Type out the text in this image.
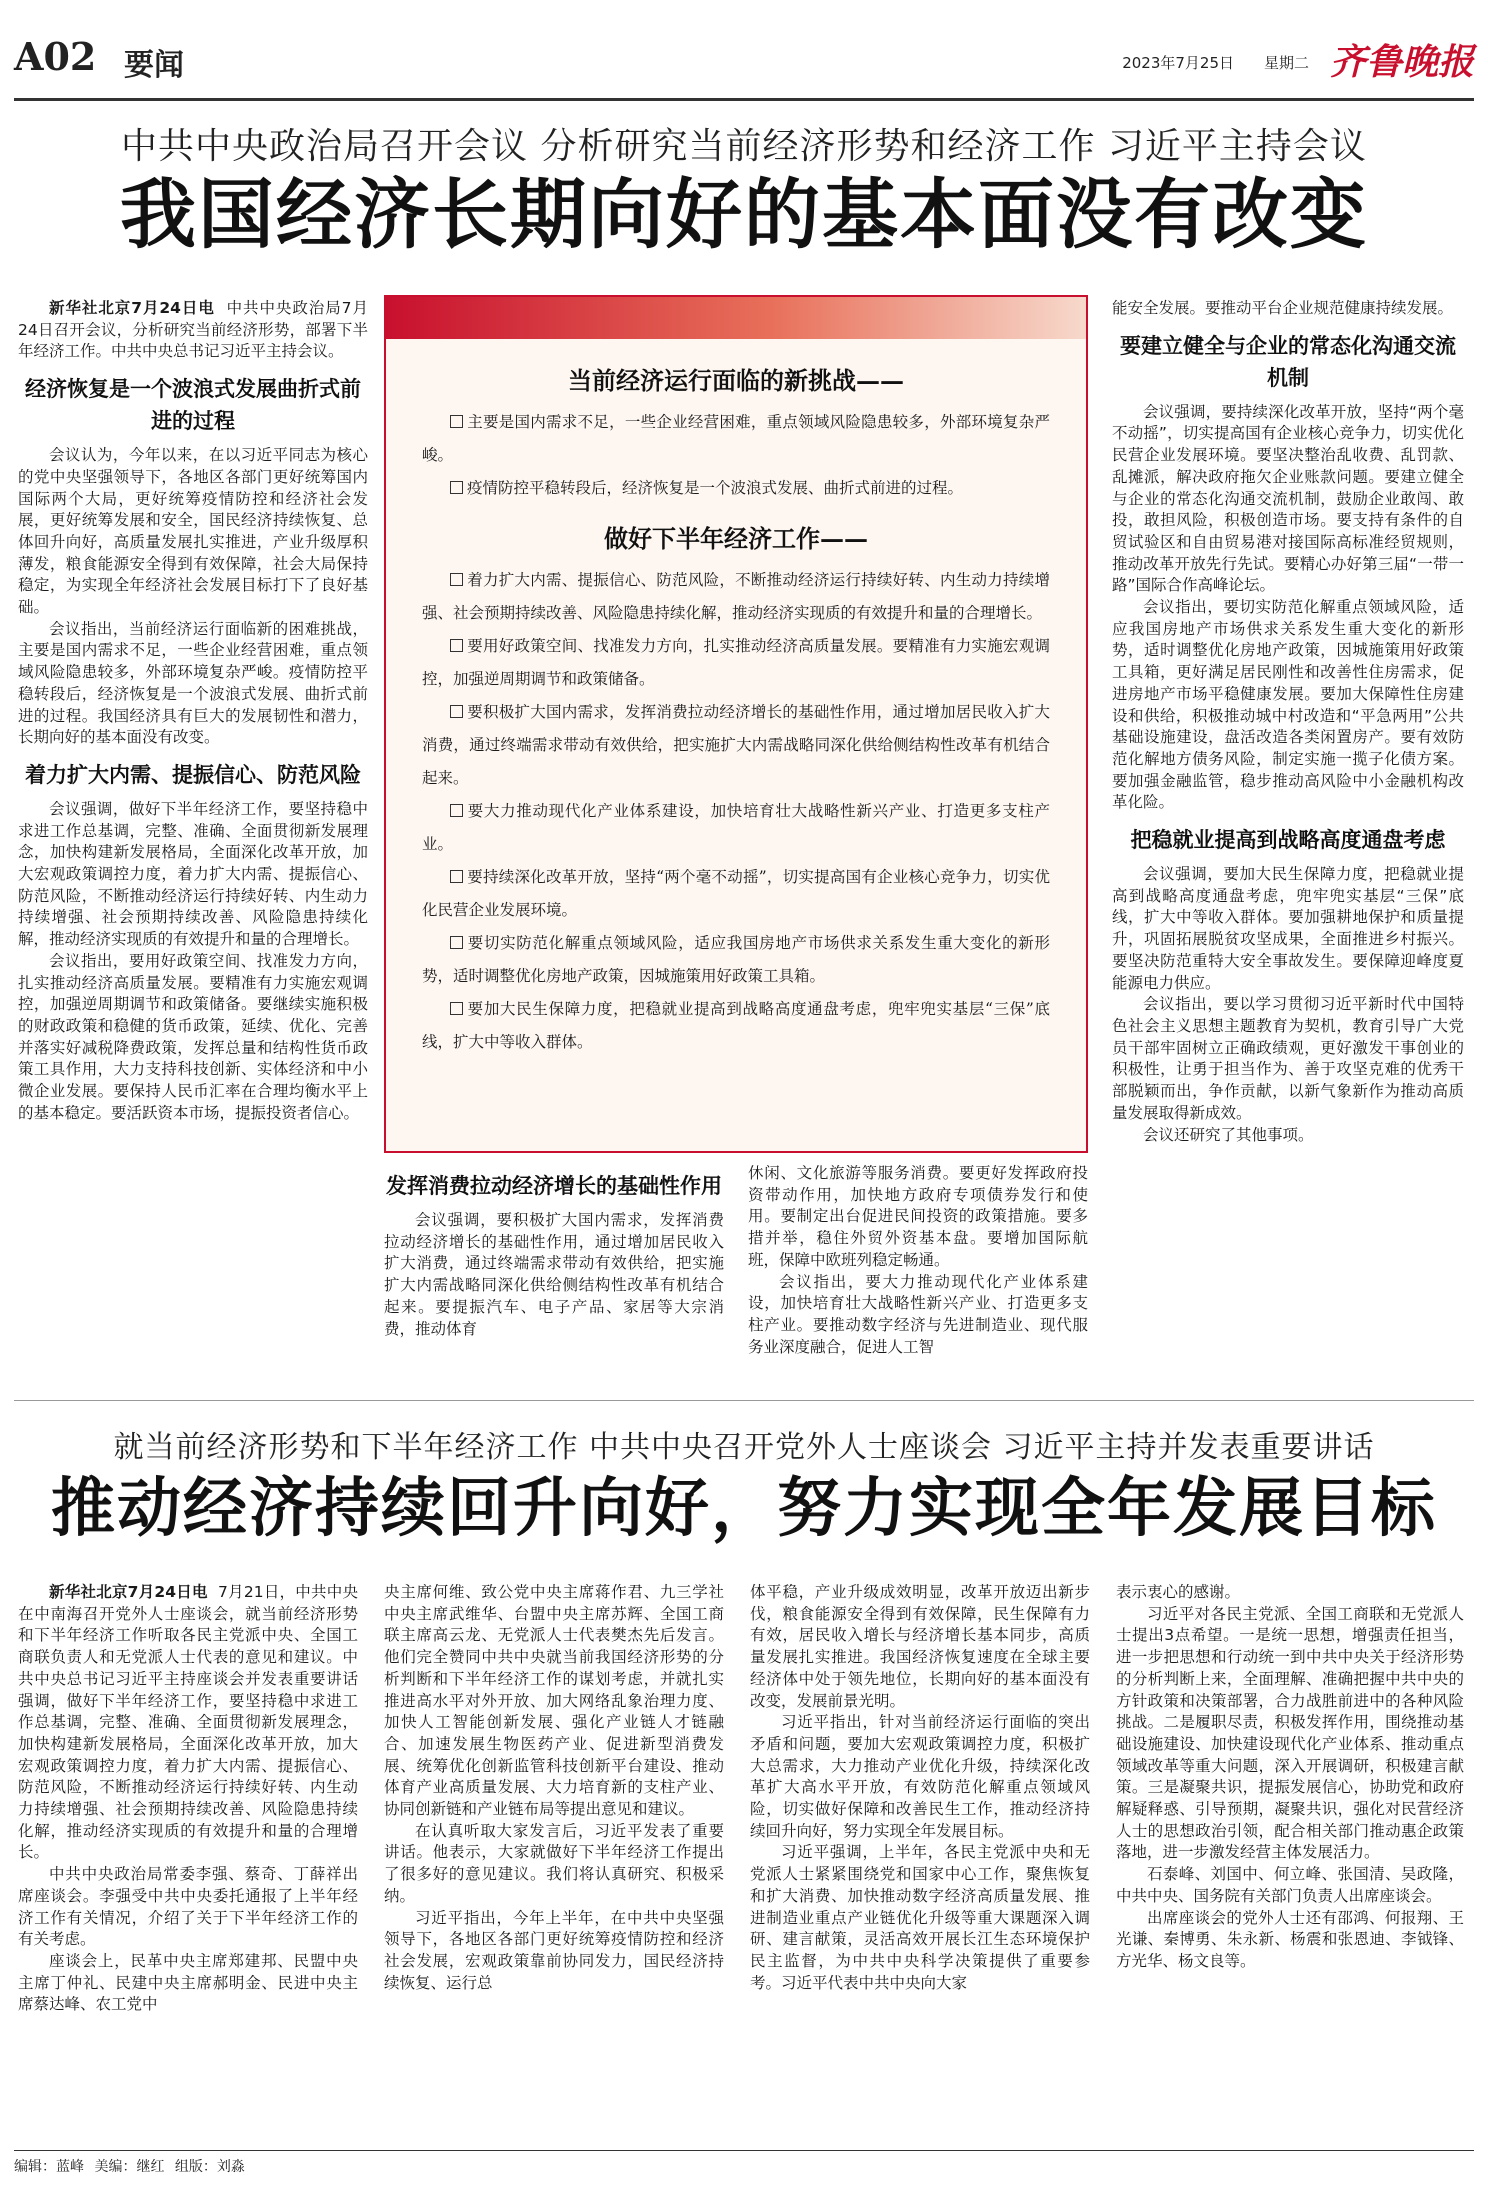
A02 要闻	2023年7月25日 星期二 齐鲁晚报
中共中央政治局召开会议 分析研究当前经济形势和经济工作 习近平主持会议
我国经济长期向好的基本面没有改变

新华社北京7月24日电 中共中央政治局7月24日召开会议，分析研究当前经济形势，部署下半年经济工作。中共中央总书记习近平主持会议。

经济恢复是一个波浪式发展曲折式前进的过程

会议认为，今年以来，在以习近平同志为核心的党中央坚强领导下，各地区各部门更好统筹国内国际两个大局，更好统筹疫情防控和经济社会发展，更好统筹发展和安全，国民经济持续恢复、总体回升向好，高质量发展扎实推进，产业升级厚积薄发，粮食能源安全得到有效保障，社会大局保持稳定，为实现全年经济社会发展目标打下了良好基础。

会议指出，当前经济运行面临新的困难挑战，主要是国内需求不足，一些企业经营困难，重点领域风险隐患较多，外部环境复杂严峻。疫情防控平稳转段后，经济恢复是一个波浪式发展、曲折式前进的过程。我国经济具有巨大的发展韧性和潜力，长期向好的基本面没有改变。

着力扩大内需、提振信心、防范风险

会议强调，做好下半年经济工作，要坚持稳中求进工作总基调，完整、准确、全面贯彻新发展理念，加快构建新发展格局，全面深化改革开放，加大宏观政策调控力度，着力扩大内需、提振信心、防范风险，不断推动经济运行持续好转、内生动力持续增强、社会预期持续改善、风险隐患持续化解，推动经济实现质的有效提升和量的合理增长。

会议指出，要用好政策空间、找准发力方向，扎实推动经济高质量发展。要精准有力实施宏观调控，加强逆周期调节和政策储备。要继续实施积极的财政政策和稳健的货币政策，延续、优化、完善并落实好减税降费政策，发挥总量和结构性货币政策工具作用，大力支持科技创新、实体经济和中小微企业发展。要保持人民币汇率在合理均衡水平上的基本稳定。要活跃资本市场，提振投资者信心。

当前经济运行面临的新挑战——
主要是国内需求不足，一些企业经营困难，重点领域风险隐患较多，外部环境复杂严峻。
疫情防控平稳转段后，经济恢复是一个波浪式发展、曲折式前进的过程。
做好下半年经济工作——
着力扩大内需、提振信心、防范风险，不断推动经济运行持续好转、内生动力持续增强、社会预期持续改善、风险隐患持续化解，推动经济实现质的有效提升和量的合理增长。
要用好政策空间、找准发力方向，扎实推动经济高质量发展。要精准有力实施宏观调控，加强逆周期调节和政策储备。
要积极扩大国内需求，发挥消费拉动经济增长的基础性作用，通过增加居民收入扩大消费，通过终端需求带动有效供给，把实施扩大内需战略同深化供给侧结构性改革有机结合起来。
要大力推动现代化产业体系建设，加快培育壮大战略性新兴产业、打造更多支柱产业。
要持续深化改革开放，坚持“两个毫不动摇”，切实提高国有企业核心竞争力，切实优化民营企业发展环境。
要切实防范化解重点领域风险，适应我国房地产市场供求关系发生重大变化的新形势，适时调整优化房地产政策，因城施策用好政策工具箱。
要加大民生保障力度，把稳就业提高到战略高度通盘考虑，兜牢兜实基层“三保”底线，扩大中等收入群体。
发挥消费拉动经济增长的基础性作用

会议强调，要积极扩大国内需求，发挥消费拉动经济增长的基础性作用，通过增加居民收入扩大消费，通过终端需求带动有效供给，把实施扩大内需战略同深化供给侧结构性改革有机结合起来。要提振汽车、电子产品、家居等大宗消费，推动体育

休闲、文化旅游等服务消费。要更好发挥政府投资带动作用，加快地方政府专项债券发行和使用。要制定出台促进民间投资的政策措施。要多措并举，稳住外贸外资基本盘。要增加国际航班，保障中欧班列稳定畅通。

会议指出，要大力推动现代化产业体系建设，加快培育壮大战略性新兴产业、打造更多支柱产业。要推动数字经济与先进制造业、现代服务业深度融合，促进人工智

能安全发展。要推动平台企业规范健康持续发展。

要建立健全与企业的常态化沟通交流机制

会议强调，要持续深化改革开放，坚持“两个毫不动摇”，切实提高国有企业核心竞争力，切实优化民营企业发展环境。要坚决整治乱收费、乱罚款、乱摊派，解决政府拖欠企业账款问题。要建立健全与企业的常态化沟通交流机制，鼓励企业敢闯、敢投，敢担风险，积极创造市场。要支持有条件的自贸试验区和自由贸易港对接国际高标准经贸规则，推动改革开放先行先试。要精心办好第三届“一带一路”国际合作高峰论坛。

会议指出，要切实防范化解重点领域风险，适应我国房地产市场供求关系发生重大变化的新形势，适时调整优化房地产政策，因城施策用好政策工具箱，更好满足居民刚性和改善性住房需求，促进房地产市场平稳健康发展。要加大保障性住房建设和供给，积极推动城中村改造和“平急两用”公共基础设施建设，盘活改造各类闲置房产。要有效防范化解地方债务风险，制定实施一揽子化债方案。要加强金融监管，稳步推动高风险中小金融机构改革化险。

把稳就业提高到战略高度通盘考虑

会议强调，要加大民生保障力度，把稳就业提高到战略高度通盘考虑，兜牢兜实基层“三保”底线，扩大中等收入群体。要加强耕地保护和质量提升，巩固拓展脱贫攻坚成果，全面推进乡村振兴。要坚决防范重特大安全事故发生。要保障迎峰度夏能源电力供应。

会议指出，要以学习贯彻习近平新时代中国特色社会主义思想主题教育为契机，教育引导广大党员干部牢固树立正确政绩观，更好激发干事创业的积极性，让勇于担当作为、善于攻坚克难的优秀干部脱颖而出，争作贡献，以新气象新作为推动高质量发展取得新成效。

会议还研究了其他事项。

就当前经济形势和下半年经济工作 中共中央召开党外人士座谈会 习近平主持并发表重要讲话
推动经济持续回升向好，努力实现全年发展目标

新华社北京7月24日电 7月21日，中共中央在中南海召开党外人士座谈会，就当前经济形势和下半年经济工作听取各民主党派中央、全国工商联负责人和无党派人士代表的意见和建议。中共中央总书记习近平主持座谈会并发表重要讲话强调，做好下半年经济工作，要坚持稳中求进工作总基调，完整、准确、全面贯彻新发展理念，加快构建新发展格局，全面深化改革开放，加大宏观政策调控力度，着力扩大内需、提振信心、防范风险，不断推动经济运行持续好转、内生动力持续增强、社会预期持续改善、风险隐患持续化解，推动经济实现质的有效提升和量的合理增长。

中共中央政治局常委李强、蔡奇、丁薛祥出席座谈会。李强受中共中央委托通报了上半年经济工作有关情况，介绍了关于下半年经济工作的有关考虑。

座谈会上，民革中央主席郑建邦、民盟中央主席丁仲礼、民建中央主席郝明金、民进中央主席蔡达峰、农工党中

央主席何维、致公党中央主席蒋作君、九三学社中央主席武维华、台盟中央主席苏辉、全国工商联主席高云龙、无党派人士代表樊杰先后发言。他们完全赞同中共中央就当前我国经济形势的分析判断和下半年经济工作的谋划考虑，并就扎实推进高水平对外开放、加大网络乱象治理力度、加快人工智能创新发展、强化产业链人才链融合、加速发展生物医药产业、促进新型消费发展、统筹优化创新监管科技创新平台建设、推动体育产业高质量发展、大力培育新的支柱产业、协同创新链和产业链布局等提出意见和建议。

在认真听取大家发言后，习近平发表了重要讲话。他表示，大家就做好下半年经济工作提出了很多好的意见建议。我们将认真研究、积极采纳。

习近平指出，今年上半年，在中共中央坚强领导下，各地区各部门更好统筹疫情防控和经济社会发展，宏观政策靠前协同发力，国民经济持续恢复、运行总

体平稳，产业升级成效明显，改革开放迈出新步伐，粮食能源安全得到有效保障，民生保障有力有效，居民收入增长与经济增长基本同步，高质量发展扎实推进。我国经济恢复速度在全球主要经济体中处于领先地位，长期向好的基本面没有改变，发展前景光明。

习近平指出，针对当前经济运行面临的突出矛盾和问题，要加大宏观政策调控力度，积极扩大总需求，大力推动产业优化升级，持续深化改革扩大高水平开放，有效防范化解重点领域风险，切实做好保障和改善民生工作，推动经济持续回升向好，努力实现全年发展目标。

习近平强调，上半年，各民主党派中央和无党派人士紧紧围绕党和国家中心工作，聚焦恢复和扩大消费、加快推动数字经济高质量发展、推进制造业重点产业链优化升级等重大课题深入调研、建言献策，灵活高效开展长江生态环境保护民主监督，为中共中央科学决策提供了重要参考。习近平代表中共中央向大家

表示衷心的感谢。

习近平对各民主党派、全国工商联和无党派人士提出3点希望。一是统一思想，增强责任担当，进一步把思想和行动统一到中共中央关于经济形势的分析判断上来，全面理解、准确把握中共中央的方针政策和决策部署，合力战胜前进中的各种风险挑战。二是履职尽责，积极发挥作用，围绕推动基础设施建设、加快建设现代化产业体系、推动重点领域改革等重大问题，深入开展调研，积极建言献策。三是凝聚共识，提振发展信心，协助党和政府解疑释惑、引导预期，凝聚共识，强化对民营经济人士的思想政治引领，配合相关部门推动惠企政策落地，进一步激发经营主体发展活力。

石泰峰、刘国中、何立峰、张国清、吴政隆，中共中央、国务院有关部门负责人出席座谈会。

出席座谈会的党外人士还有邵鸿、何报翔、王光谦、秦博勇、朱永新、杨震和张恩迪、李钺锋、方光华、杨文良等。

编辑：蓝峰 美编：继红 组版：刘淼
